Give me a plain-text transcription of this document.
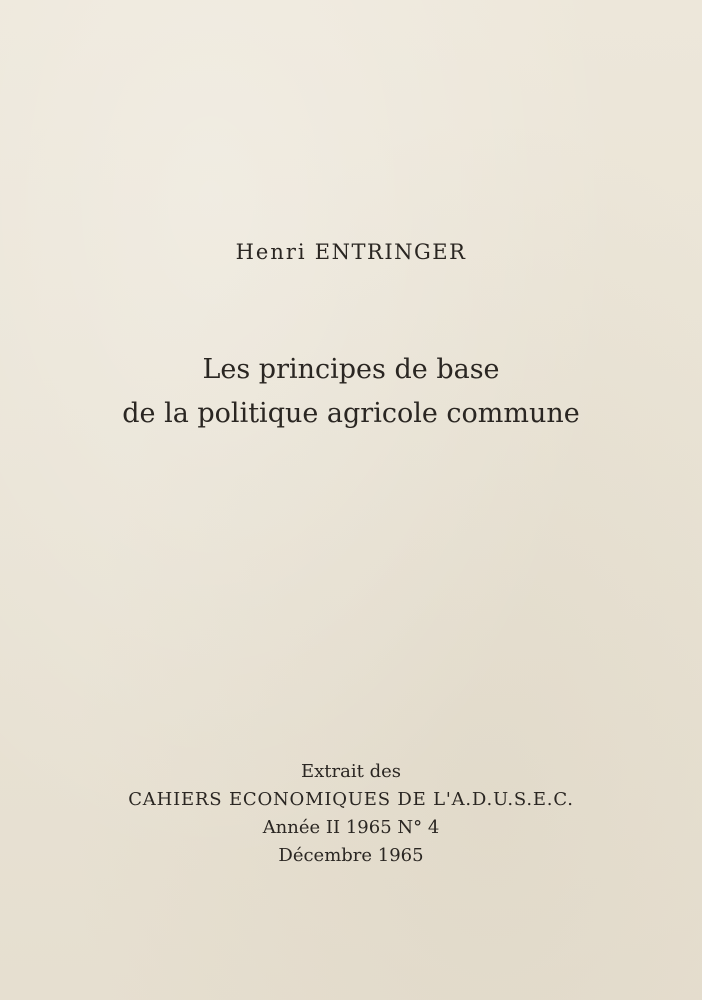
Henri ENTRINGER
Les principes de base
de la politique agricole commune
Extrait des
CAHIERS ECONOMIQUES DE L'A.D.U.S.E.C.
Année II 1965 N° 4
Décembre 1965
